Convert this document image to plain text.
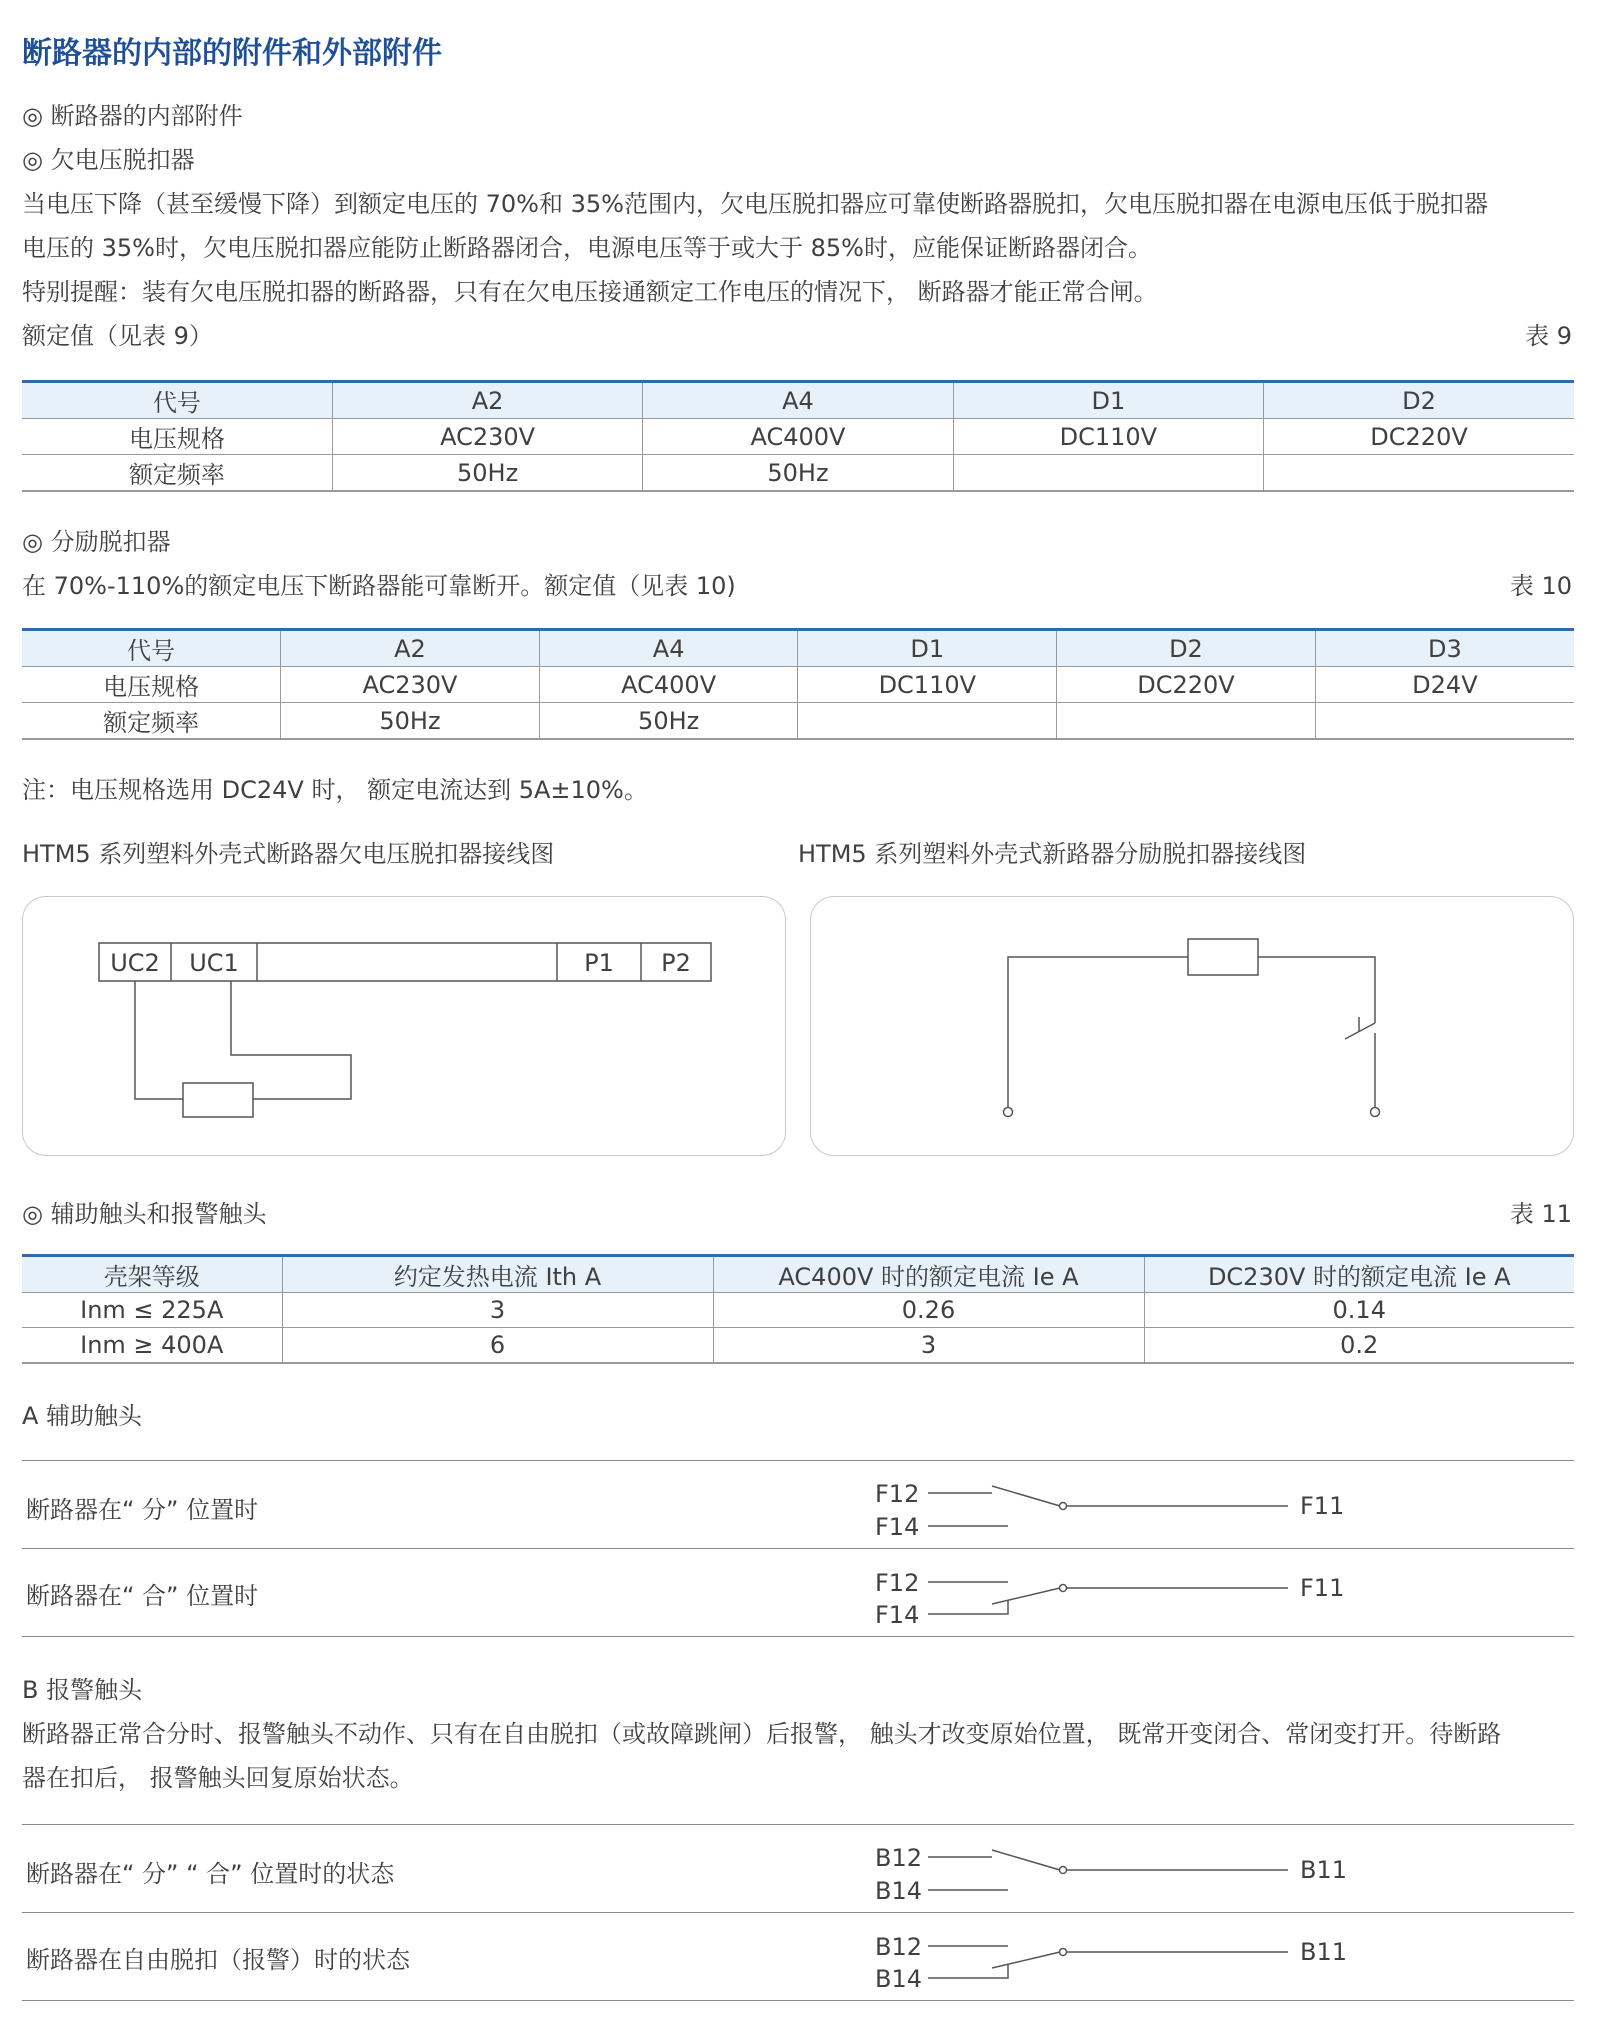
断路器的内部的附件和外部附件
◎ 断路器的内部附件
◎ 欠电压脱扣器
当电压下降（甚至缓慢下降）到额定电压的 70%和 35%范围内，欠电压脱扣器应可靠使断路器脱扣，欠电压脱扣器在电源电压低于脱扣器
电压的 35%时，欠电压脱扣器应能防止断路器闭合，电源电压等于或大于 85%时，应能保证断路器闭合。
特别提醒：装有欠电压脱扣器的断路器，只有在欠电压接通额定工作电压的情况下， 断路器才能正常合闸。
额定值（见表 9）	表 9
代号	A2	A4	D1	D2
电压规格	AC230V	AC400V	DC110V	DC220V
额定频率	50Hz	50Hz		
◎ 分励脱扣器
在 70%-110%的额定电压下断路器能可靠断开。额定值（见表 10)	表 10
代号	A2	A4	D1	D2	D3
电压规格	AC230V	AC400V	DC110V	DC220V	D24V
额定频率	50Hz	50Hz			
注：电压规格选用 DC24V 时， 额定电流达到 5A±10%。
HTM5 系列塑料外壳式断路器欠电压脱扣器接线图	HTM5 系列塑料外壳式新路器分励脱扣器接线图
UC2 UC1	P1 P2
◎ 辅助触头和报警触头	表 11
壳架等级	约定发热电流 Ith A	AC400V 时的额定电流 Ie A	DC230V 时的额定电流 Ie A
Inm ≤ 225A	3	0.26	0.14
Inm ≥ 400A	6	3	0.2
A 辅助触头
断路器在“ 分” 位置时
F12
F14
F11
断路器在“ 合” 位置时	F12
F14
F11
B 报警触头
断路器正常合分时、报警触头不动作、只有在自由脱扣（或故障跳闸）后报警， 触头才改变原始位置， 既常开变闭合、常闭变打开。待断路
器在扣后， 报警触头回复原始状态。
断路器在“ 分” “ 合” 位置时的状态
B12
B14
B11
断路器在自由脱扣（报警）时的状态	B12
B14
B11
